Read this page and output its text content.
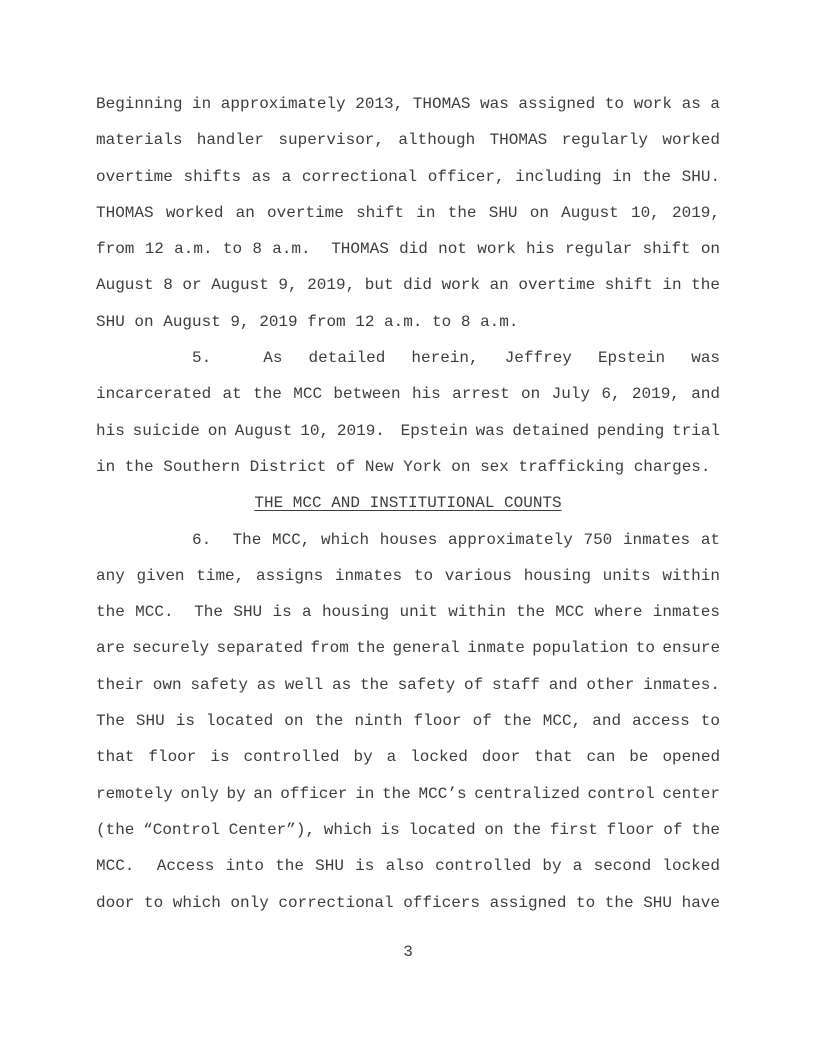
Beginning in approximately 2013, THOMAS was assigned to work as a
materials handler supervisor, although THOMAS regularly worked
overtime shifts as a correctional officer, including in the SHU.
THOMAS worked an overtime shift in the SHU on August 10, 2019,
from 12 a.m. to 8 a.m.  THOMAS did not work his regular shift on
August 8 or August 9, 2019, but did work an overtime shift in the
SHU on August 9, 2019 from 12 a.m. to 8 a.m.
5.  As detailed herein, Jeffrey Epstein was
incarcerated at the MCC between his arrest on July 6, 2019, and
his suicide on August 10, 2019.  Epstein was detained pending trial
in the Southern District of New York on sex trafficking charges.
THE MCC AND INSTITUTIONAL COUNTS
6.  The MCC, which houses approximately 750 inmates at
any given time, assigns inmates to various housing units within
the MCC.  The SHU is a housing unit within the MCC where inmates
are securely separated from the general inmate population to ensure
their own safety as well as the safety of staff and other inmates.
The SHU is located on the ninth floor of the MCC, and access to
that floor is controlled by a locked door that can be opened
remotely only by an officer in the MCC’s centralized control center
(the “Control Center”), which is located on the first floor of the
MCC.  Access into the SHU is also controlled by a second locked
door to which only correctional officers assigned to the SHU have
3
